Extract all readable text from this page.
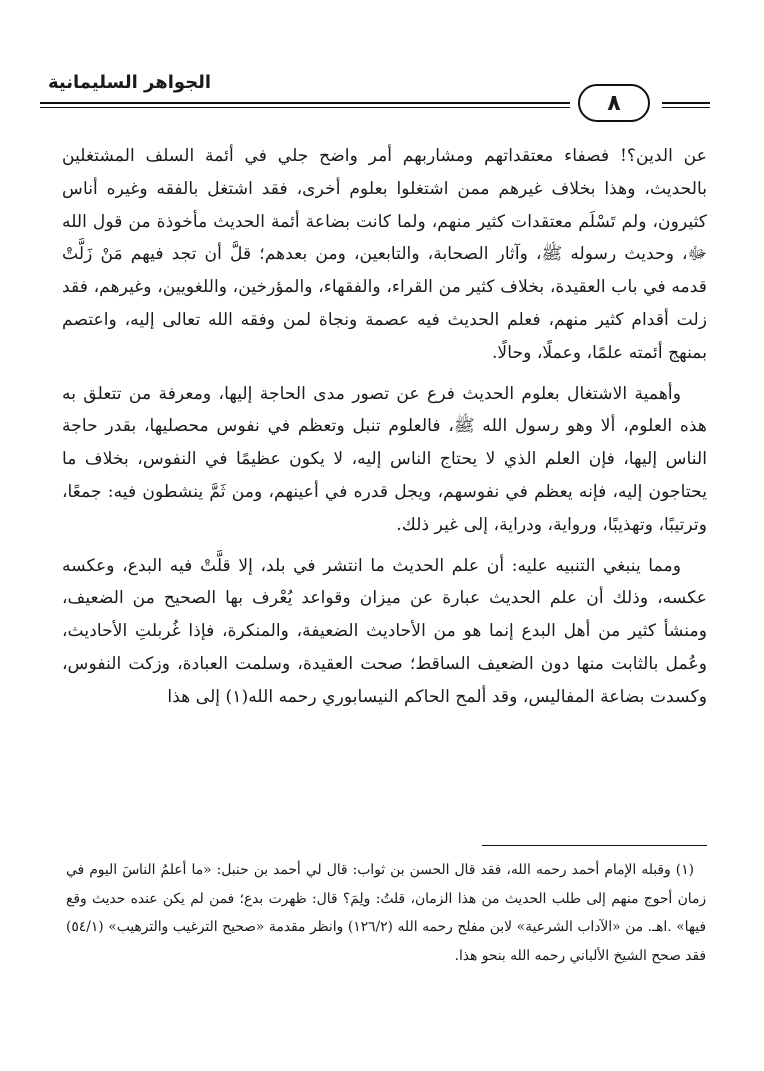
الجواهر السليمانية
٨

عن الدين؟! فصفاء معتقداتهم ومشاربهم أمر واضح جلي في أئمة السلف المشتغلين بالحديث، وهذا بخلاف غيرهم ممن اشتغلوا بعلوم أخرى، فقد اشتغل بالفقه وغيره أناس كثيرون، ولم تَسْلَم معتقدات كثير منهم، ولما كانت بضاعة أئمة الحديث مأخوذة من قول الله ﷻ، وحديث رسوله ﷺ، وآثار الصحابة، والتابعين، ومن بعدهم؛ قلَّ أن تجد فيهم مَنْ زَلَّتْ قدمه في باب العقيدة، بخلاف كثير من القراء، والفقهاء، والمؤرخين، واللغويين، وغيرهم، فقد زلت أقدام كثير منهم، فعلم الحديث فيه عصمة ونجاة لمن وفقه الله تعالى إليه، واعتصم بمنهج أئمته علمًا، وعملًا، وحالًا.

وأهمية الاشتغال بعلوم الحديث فرع عن تصور مدى الحاجة إليها، ومعرفة من تتعلق به هذه العلوم، ألا وهو رسول الله ﷺ، فالعلوم تنبل وتعظم في نفوس محصليها، بقدر حاجة الناس إليها، فإن العلم الذي لا يحتاج الناس إليه، لا يكون عظيمًا في النفوس، بخلاف ما يحتاجون إليه، فإنه يعظم في نفوسهم، ويجل قدره في أعينهم، ومن ثَمَّ ينشطون فيه: جمعًا، وترتيبًا، وتهذيبًا، ورواية، ودراية، إلى غير ذلك.

ومما ينبغي التنبيه عليه: أن علم الحديث ما انتشر في بلد، إلا قلَّتْ فيه البدع، وعكسه عكسه، وذلك أن علم الحديث عبارة عن ميزان وقواعد يُعْرف بها الصحيح من الضعيف، ومنشأ كثير من أهل البدع إنما هو من الأحاديث الضعيفة، والمنكرة، فإذا غُربلتِ الأحاديث، وعُمل بالثابت منها دون الضعيف الساقط؛ صحت العقيدة، وسلمت العبادة، وزكت النفوس، وكسدت بضاعة المفاليس، وقد ألمح الحاكم النيسابوري رحمه الله(١) إلى هذا

(١) وقبله الإمام أحمد رحمه الله، فقد قال الحسن بن ثواب: قال لي أحمد بن حنبل: «ما أعلمُ الناسَ اليوم في زمان أحوج منهم إلى طلب الحديث من هذا الزمان، قلتُ: ولِمَ؟ قال: ظهرت بدع؛ فمن لم يكن عنده حديث وقع فيها» .اهـ. من «الآداب الشرعية» لابن مفلح رحمه الله (١٢٦/٢) وانظر مقدمة «صحيح الترغيب والترهيب» (٥٤/١) فقد صحح الشيخ الألباني رحمه الله بنحو هذا.
